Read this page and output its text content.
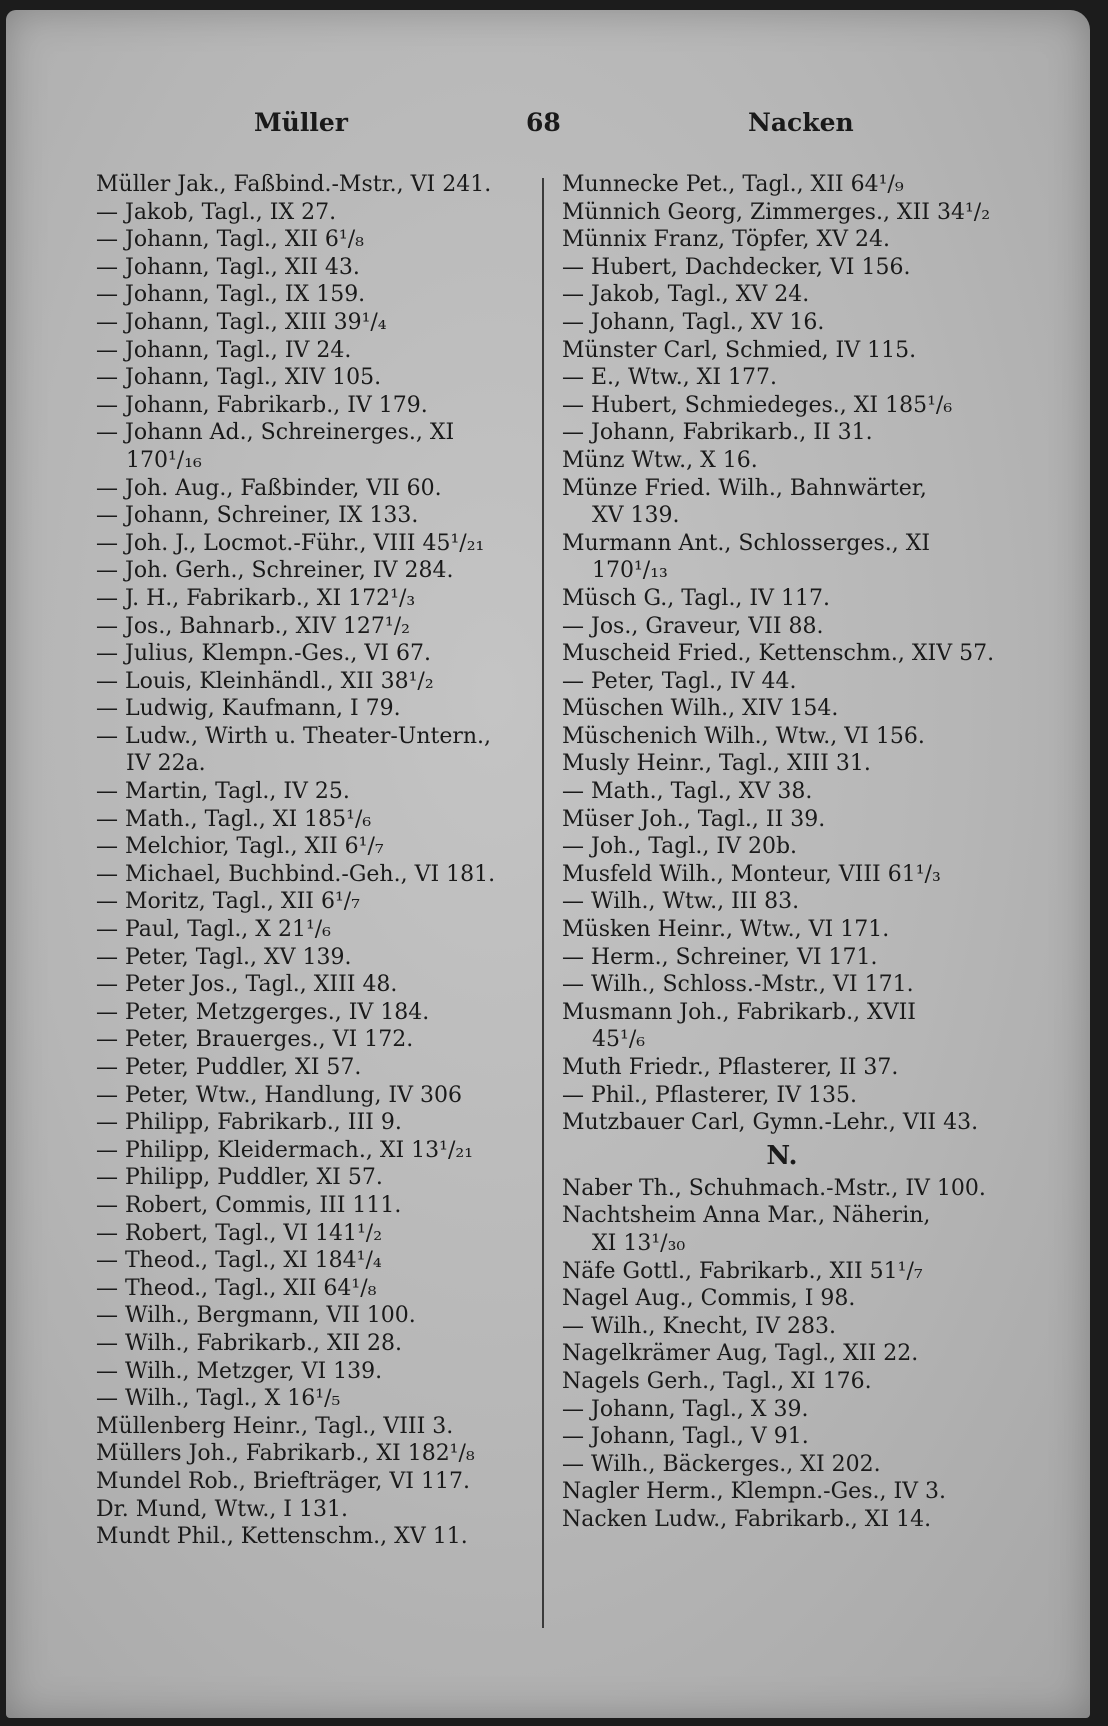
Müller	68	Nacken
Müller Jak., Faßbind.-Mstr., VI 241.
— Jakob, Tagl., IX 27.
— Johann, Tagl., XII 6¹/₈
— Johann, Tagl., XII 43.
— Johann, Tagl., IX 159.
— Johann, Tagl., XIII 39¹/₄
— Johann, Tagl., IV 24.
— Johann, Tagl., XIV 105.
— Johann, Fabrikarb., IV 179.
— Johann Ad., Schreinerges., XI
170¹/₁₆
— Joh. Aug., Faßbinder, VII 60.
— Johann, Schreiner, IX 133.
— Joh. J., Locmot.-Führ., VIII 45¹/₂₁
— Joh. Gerh., Schreiner, IV 284.
— J. H., Fabrikarb., XI 172¹/₃
— Jos., Bahnarb., XIV 127¹/₂
— Julius, Klempn.-Ges., VI 67.
— Louis, Kleinhändl., XII 38¹/₂
— Ludwig, Kaufmann, I 79.
— Ludw., Wirth u. Theater-Untern.,
IV 22a.
— Martin, Tagl., IV 25.
— Math., Tagl., XI 185¹/₆
— Melchior, Tagl., XII 6¹/₇
— Michael, Buchbind.-Geh., VI 181.
— Moritz, Tagl., XII 6¹/₇
— Paul, Tagl., X 21¹/₆
— Peter, Tagl., XV 139.
— Peter Jos., Tagl., XIII 48.
— Peter, Metzgerges., IV 184.
— Peter, Brauerges., VI 172.
— Peter, Puddler, XI 57.
— Peter, Wtw., Handlung, IV 306
— Philipp, Fabrikarb., III 9.
— Philipp, Kleidermach., XI 13¹/₂₁
— Philipp, Puddler, XI 57.
— Robert, Commis, III 111.
— Robert, Tagl., VI 141¹/₂
— Theod., Tagl., XI 184¹/₄
— Theod., Tagl., XII 64¹/₈
— Wilh., Bergmann, VII 100.
— Wilh., Fabrikarb., XII 28.
— Wilh., Metzger, VI 139.
— Wilh., Tagl., X 16¹/₅
Müllenberg Heinr., Tagl., VIII 3.
Müllers Joh., Fabrikarb., XI 182¹/₈
Mundel Rob., Briefträger, VI 117.
Dr. Mund, Wtw., I 131.
Mundt Phil., Kettenschm., XV 11.
Munnecke Pet., Tagl., XII 64¹/₉
Münnich Georg, Zimmerges., XII 34¹/₂
Münnix Franz, Töpfer, XV 24.
— Hubert, Dachdecker, VI 156.
— Jakob, Tagl., XV 24.
— Johann, Tagl., XV 16.
Münster Carl, Schmied, IV 115.
— E., Wtw., XI 177.
— Hubert, Schmiedeges., XI 185¹/₆
— Johann, Fabrikarb., II 31.
Münz Wtw., X 16.
Münze Fried. Wilh., Bahnwärter,
XV 139.
Murmann Ant., Schlosserges., XI
170¹/₁₃
Müsch G., Tagl., IV 117.
— Jos., Graveur, VII 88.
Muscheid Fried., Kettenschm., XIV 57.
— Peter, Tagl., IV 44.
Müschen Wilh., XIV 154.
Müschenich Wilh., Wtw., VI 156.
Musly Heinr., Tagl., XIII 31.
— Math., Tagl., XV 38.
Müser Joh., Tagl., II 39.
— Joh., Tagl., IV 20b.
Musfeld Wilh., Monteur, VIII 61¹/₃
— Wilh., Wtw., III 83.
Müsken Heinr., Wtw., VI 171.
— Herm., Schreiner, VI 171.
— Wilh., Schloss.-Mstr., VI 171.
Musmann Joh., Fabrikarb., XVII
45¹/₆
Muth Friedr., Pflasterer, II 37.
— Phil., Pflasterer, IV 135.
Mutzbauer Carl, Gymn.-Lehr., VII 43.
N.
Naber Th., Schuhmach.-Mstr., IV 100.
Nachtsheim Anna Mar., Näherin,
XI 13¹/₃₀
Näfe Gottl., Fabrikarb., XII 51¹/₇
Nagel Aug., Commis, I 98.
— Wilh., Knecht, IV 283.
Nagelkrämer Aug, Tagl., XII 22.
Nagels Gerh., Tagl., XI 176.
— Johann, Tagl., X 39.
— Johann, Tagl., V 91.
— Wilh., Bäckerges., XI 202.
Nagler Herm., Klempn.-Ges., IV 3.
Nacken Ludw., Fabrikarb., XI 14.
